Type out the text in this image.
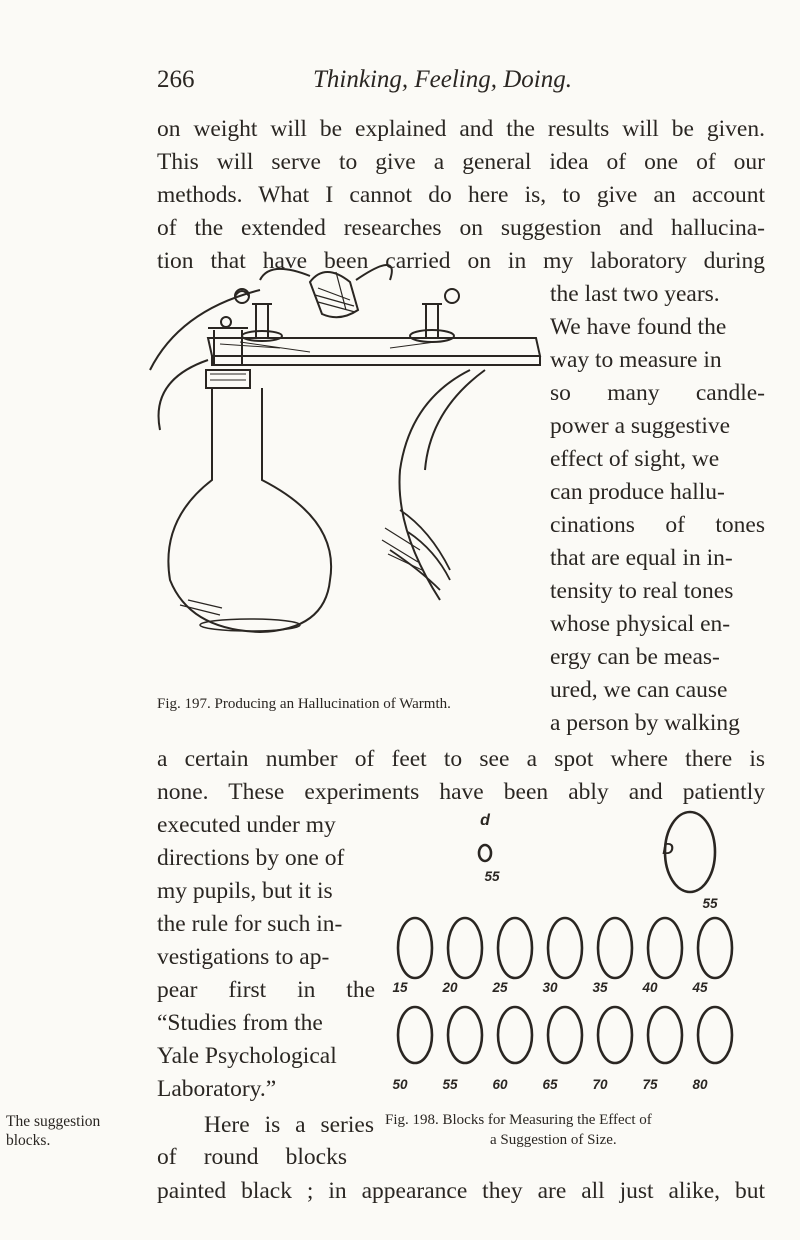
266	Thinking, Feeling, Doing.
on weight will be explained and the results will be given.
This will serve to give a general idea of one of our
methods. What I cannot do here is, to give an account
of the extended researches on suggestion and hallucina-
tion that have been carried on in my laboratory during
the last two years.
We have found the
way to measure in
so many candle-
power a suggestive
effect of sight, we
can produce hallu-
cinations of tones
that are equal in in-
tensity to real tones
whose physical en-
ergy can be meas-
ured, we can cause
a person by walking
Fig. 197. Producing an Hallucination of Warmth.
a certain number of feet to see a spot where there is
none. These experiments have been ably and patiently
executed under my
directions by one of
my pupils, but it is
the rule for such in-
vestigations to ap-
pear first in the
“Studies from the
Yale Psychological
Laboratory.”
Here is a series
of round blocks
The suggestion
blocks.
d
55
D
55
15	20	25	30	35	40	45
50	55	60	65	70	75	80
Fig. 198. Blocks for Measuring the Effect of
a Suggestion of Size.
painted black ; in appearance they are all just alike, but
